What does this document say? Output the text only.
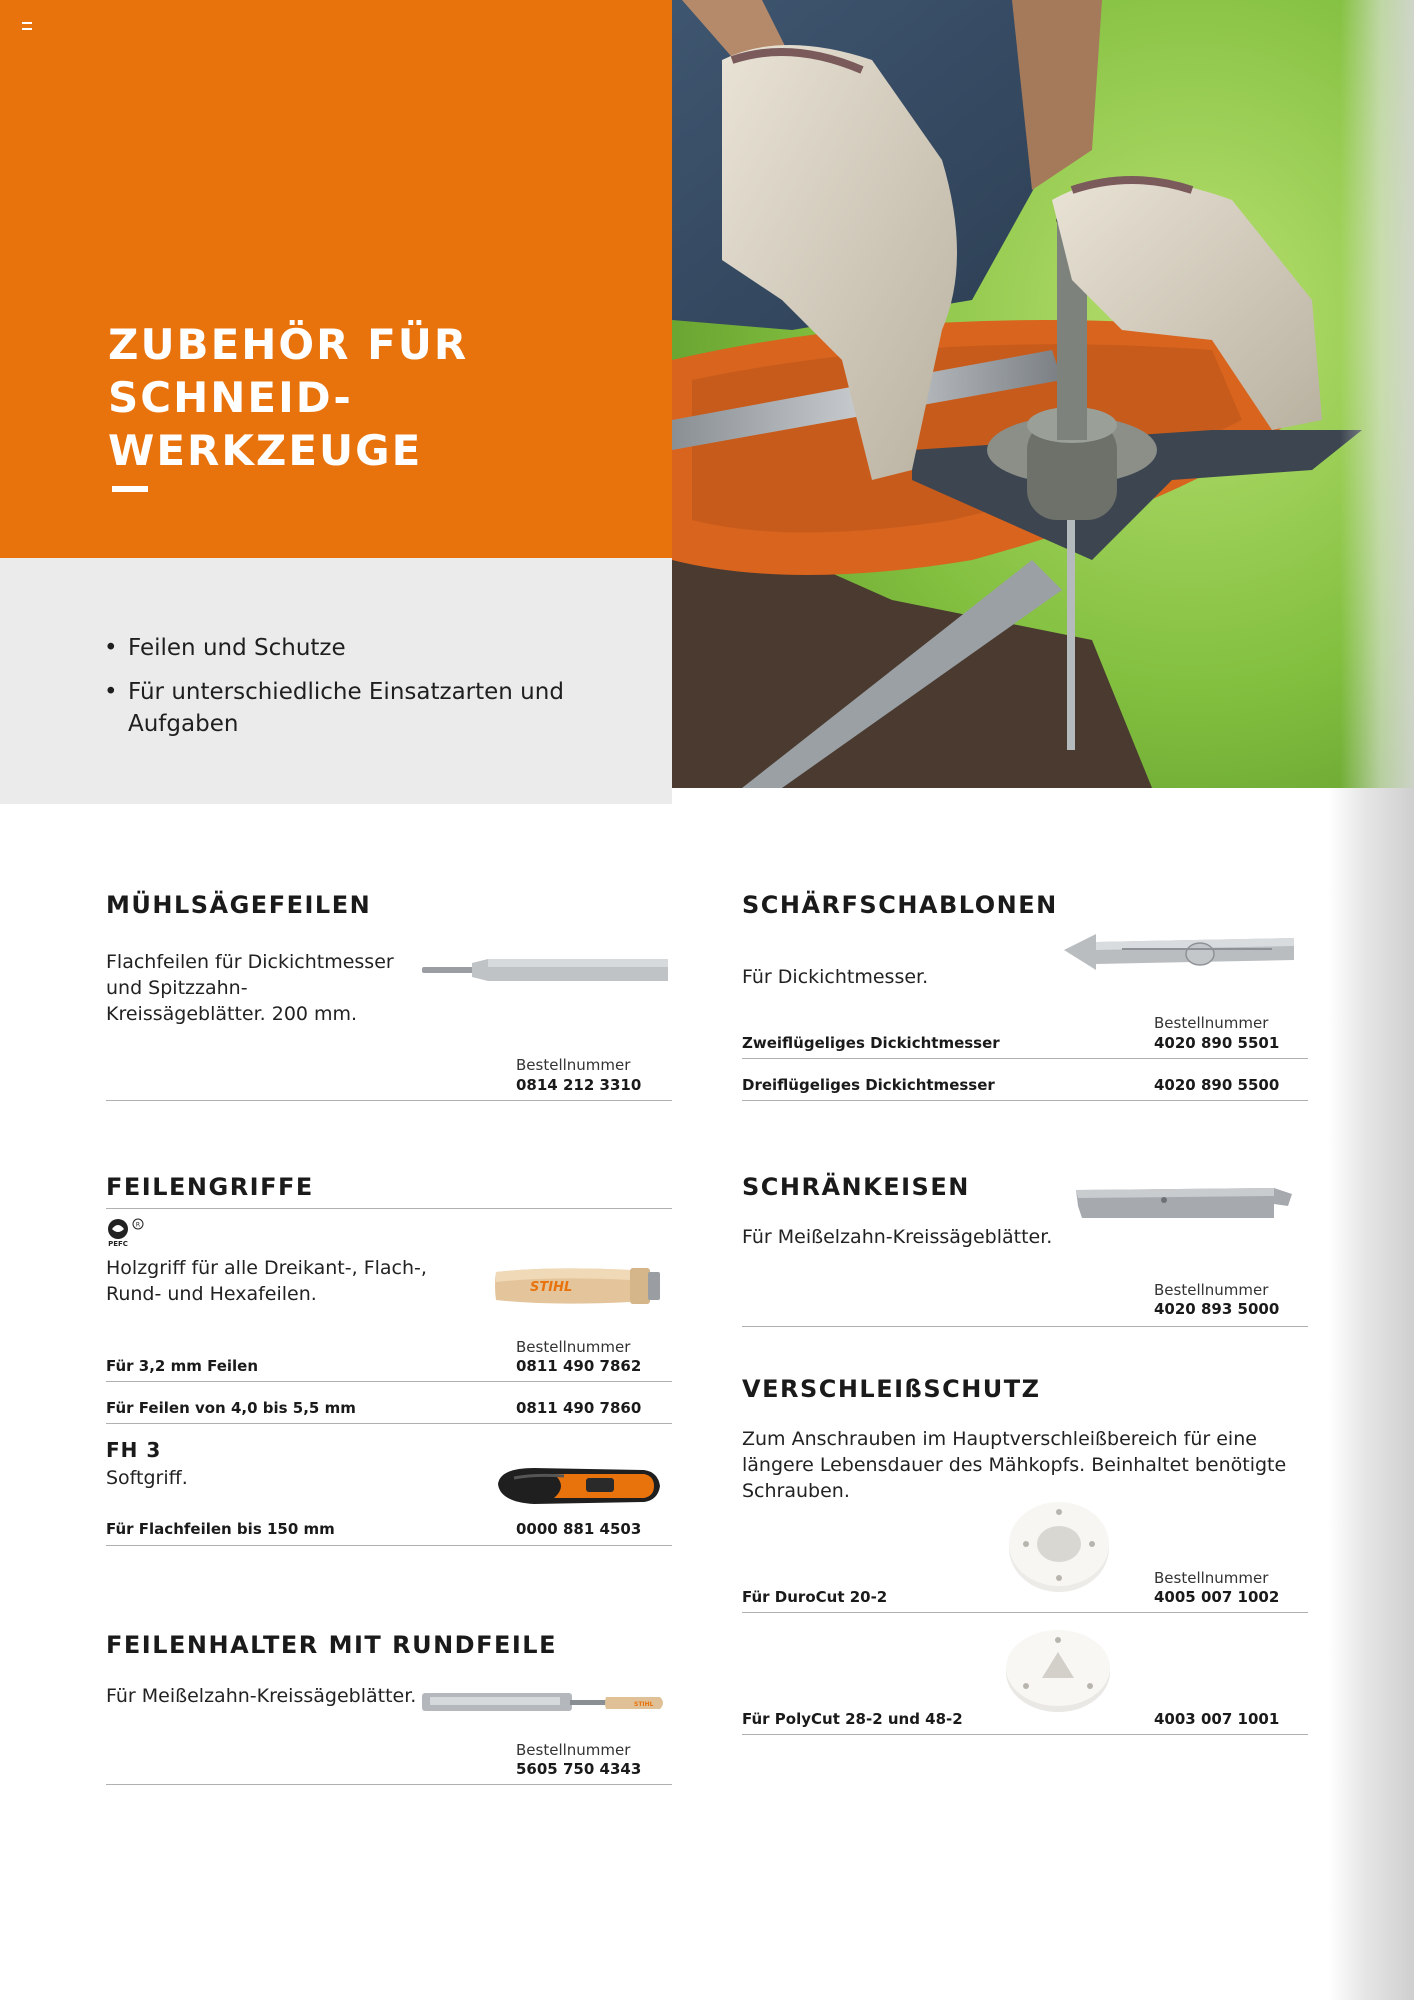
ZUBEHÖR FÜR
SCHNEID-
WERKZEUGE
• Feilen und Schutze
• Für unterschiedliche Einsatzarten und Aufgaben
MÜHLSÄGEFEILEN

Flachfeilen für Dickichtmesser und Spitzzahn-Kreissägeblätter. 200 mm.

Bestellnummer
0814 212 3310
FEILENGRIFFE
R
PEFC

Holzgriff für alle Dreikant-, Flach-, Rund- und Hexafeilen.	STIHL
Bestellnummer
Für 3,2 mm Feilen	0811 490 7862
Für Feilen von 4,0 bis 5,5 mm	0811 490 7860
FH 3

Softgriff.

Für Flachfeilen bis 150 mm	0000 881 4503
FEILENHALTER MIT RUNDFEILE

Für Meißelzahn-Kreissägeblätter.	STIHL
Bestellnummer
5605 750 4343
SCHÄRFSCHABLONEN

Für Dickichtmesser.

Bestellnummer
Zweiflügeliges Dickichtmesser	4020 890 5501
Dreiflügeliges Dickichtmesser	4020 890 5500
SCHRÄNKEISEN

Für Meißelzahn-Kreissägeblätter.

Bestellnummer
4020 893 5000
VERSCHLEIßSCHUTZ

Zum Anschrauben im Hauptverschleißbereich für eine längere Lebensdauer des Mähkopfs. Beinhaltet benötigte Schrauben.

Bestellnummer
Für DuroCut 20-2	4005 007 1002
Für PolyCut 28-2 und 48-2	4003 007 1001
